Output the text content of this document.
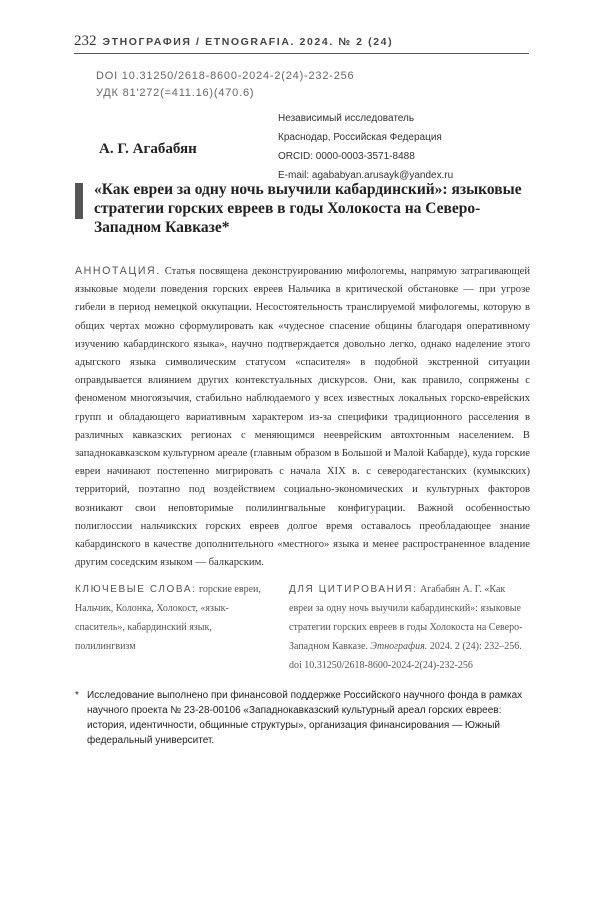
232 ЭТНОГРАФИЯ / ETNOGRAFIA. 2024. № 2 (24)
DOI 10.31250/2618-8600-2024-2(24)-232-256
УДК 81'272(=411.16)(470.6)
А. Г. Агабабян
Независимый исследователь
Краснодар, Российская Федерация
ORCID: 0000-0003-3571-8488
E-mail: agababyan.arusayk@yandex.ru
«Как евреи за одну ночь выучили кабардинский»: языковые стратегии горских евреев в годы Холокоста на Северо-Западном Кавказе*
АННОТАЦИЯ. Статья посвящена деконструированию мифологемы, напрямую затрагивающей языковые модели поведения горских евреев Нальчика в критической обстановке — при угрозе гибели в период немецкой оккупации. Несостоятельность транслируемой мифологемы, которую в общих чертах можно сформулировать как «чудесное спасение общины благодаря оперативному изучению кабардинского языка», научно подтверждается довольно легко, однако наделение этого адыгского языка символическим статусом «спасителя» в подобной экстренной ситуации оправдывается влиянием других контекстуальных дискурсов. Они, как правило, сопряжены с феноменом многоязычия, стабильно наблюдаемого у всех известных локальных горско-еврейских групп и обладающего вариативным характером из-за специфики традиционного расселения в различных кавказских регионах с меняющимся нееврейским автохтонным населением. В западнокавказском культурном ареале (главным образом в Большой и Малой Кабарде), куда горские евреи начинают постепенно мигрировать с начала XIX в. с северодагестанских (кумыкских) территорий, поэтапно под воздействием социально-экономических и культурных факторов возникают свои неповторимые полилингвальные конфигурации. Важной особенностью полиглоссии нальчикских горских евреев долгое время оставалось преобладающее знание кабардинского в качестве дополнительного «местного» языка и менее распространенное владение другим соседским языком — балкарским.
КЛЮЧЕВЫЕ СЛОВА: горские евреи, Нальчик, Колонка, Холокост, «язык-спаситель», кабардинский язык, полилингвизм
ДЛЯ ЦИТИРОВАНИЯ: Агабабян А. Г. «Как евреи за одну ночь выучили кабардинский»: языковые стратегии горских евреев в годы Холокоста на Северо-Западном Кавказе. Этнография. 2024. 2 (24): 232–256. doi 10.31250/2618-8600-2024-2(24)-232-256
* Исследование выполнено при финансовой поддержке Российского научного фонда в рамках научного проекта № 23-28-00106 «Западнокавказский культурный ареал горских евреев: история, идентичности, общинные структуры», организация финансирования — Южный федеральный университет.
